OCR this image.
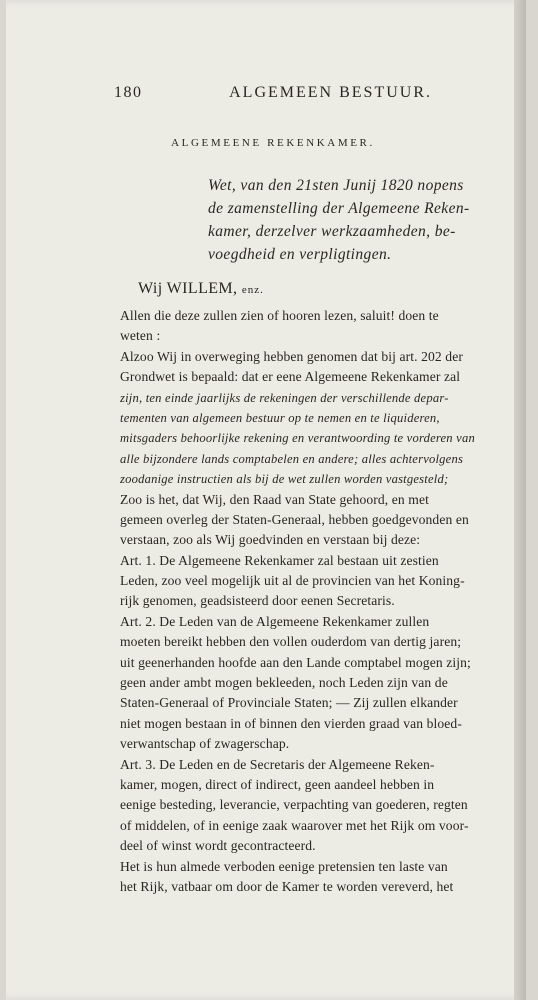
180	ALGEMEEN BESTUUR.
ALGEMEENE REKENKAMER.
Wet, van den 21sten Junij 1820 nopens
de zamenstelling der Algemeene Reken-
kamer, derzelver werkzaamheden, be-
voegdheid en verpligtingen.
Wij WILLEM, enz.
Allen die deze zullen zien of hooren lezen, saluit! doen te
weten :
Alzoo Wij in overweging hebben genomen dat bij art. 202 der
Grondwet is bepaald: dat er eene Algemeene Rekenkamer zal
zijn, ten einde jaarlijks de rekeningen der verschillende depar-
tementen van algemeen bestuur op te nemen en te liquideren,
mitsgaders behoorlijke rekening en verantwoording te vorderen van
alle bijzondere lands comptabelen en andere; alles achtervolgens
zoodanige instructien als bij de wet zullen worden vastgesteld;
Zoo is het, dat Wij, den Raad van State gehoord, en met
gemeen overleg der Staten-Generaal, hebben goedgevonden en
verstaan, zoo als Wij goedvinden en verstaan bij deze:
Art. 1. De Algemeene Rekenkamer zal bestaan uit zestien
Leden, zoo veel mogelijk uit al de provincien van het Koning-
rijk genomen, geadsisteerd door eenen Secretaris.
Art. 2. De Leden van de Algemeene Rekenkamer zullen
moeten bereikt hebben den vollen ouderdom van dertig jaren;
uit geenerhanden hoofde aan den Lande comptabel mogen zijn;
geen ander ambt mogen bekleeden, noch Leden zijn van de
Staten-Generaal of Provinciale Staten; — Zij zullen elkander
niet mogen bestaan in of binnen den vierden graad van bloed-
verwantschap of zwagerschap.
Art. 3. De Leden en de Secretaris der Algemeene Reken-
kamer, mogen, direct of indirect, geen aandeel hebben in
eenige besteding, leverancie, verpachting van goederen, regten
of middelen, of in eenige zaak waarover met het Rijk om voor-
deel of winst wordt gecontracteerd.
Het is hun almede verboden eenige pretensien ten laste van
het Rijk, vatbaar om door de Kamer te worden vereverd, het
